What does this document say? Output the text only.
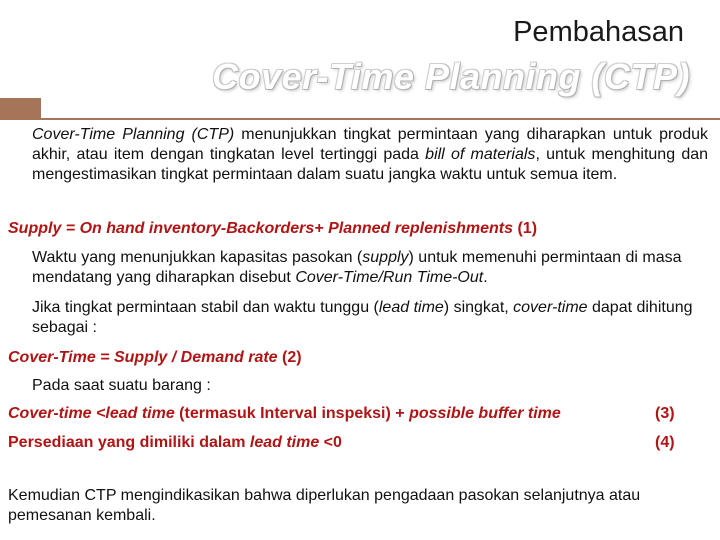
Pembahasan
Cover-Time Planning (CTP)
Cover-Time Planning (CTP) menunjukkan tingkat permintaan yang diharapkan untuk produk akhir, atau item dengan tingkatan level tertinggi pada bill of materials, untuk menghitung dan mengestimasikan tingkat permintaan dalam suatu jangka waktu untuk semua item.
Supply = On hand inventory-Backorders+ Planned replenishments (1)
Waktu yang menunjukkan kapasitas pasokan (supply) untuk memenuhi permintaan di masa mendatang yang diharapkan disebut Cover-Time/Run Time-Out.
Jika tingkat permintaan stabil dan waktu tunggu (lead time) singkat, cover-time dapat dihitung sebagai :
Cover-Time = Supply / Demand rate (2)
Pada saat suatu barang :
Cover-time <lead time (termasuk Interval inspeksi) + possible buffer time	(3)
Persediaan yang dimiliki dalam lead time <0	(4)
Kemudian CTP mengindikasikan bahwa diperlukan pengadaan pasokan selanjutnya atau pemesanan kembali.
